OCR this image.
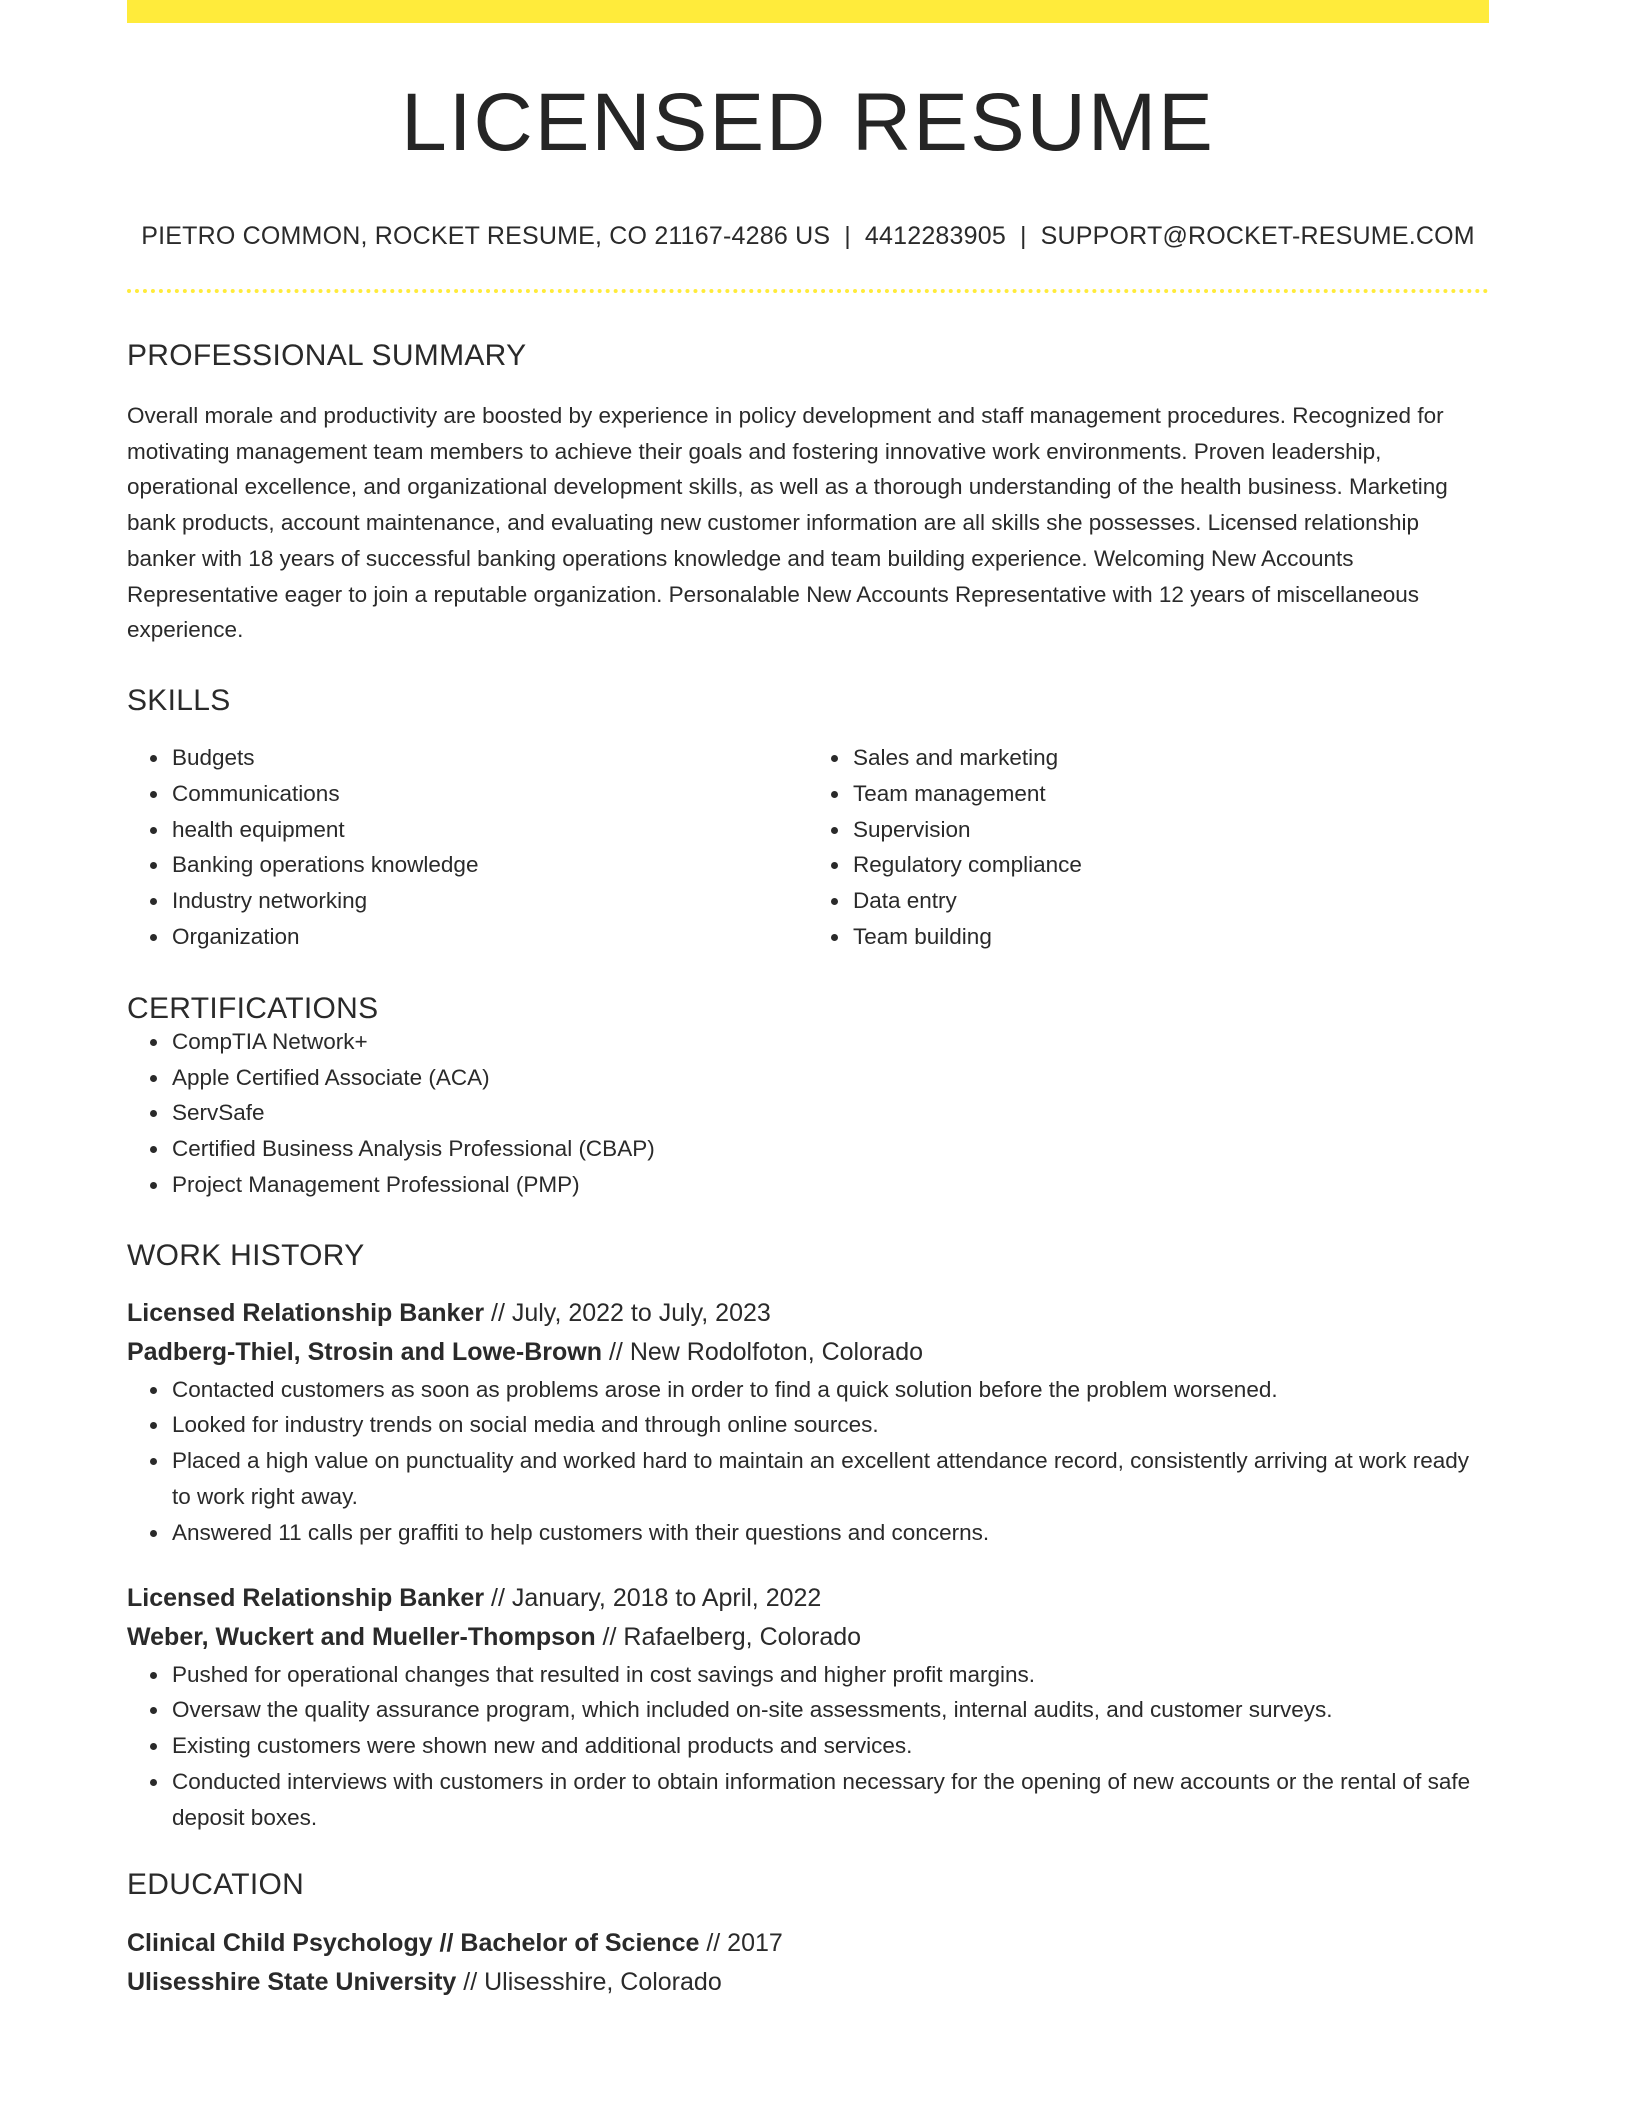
LICENSED RESUME
PIETRO COMMON, ROCKET RESUME, CO 21167-4286 US | 4412283905 | SUPPORT@ROCKET-RESUME.COM
PROFESSIONAL SUMMARY

Overall morale and productivity are boosted by experience in policy development and staff management procedures. Recognized for motivating management team members to achieve their goals and fostering innovative work environments. Proven leadership, operational excellence, and organizational development skills, as well as a thorough understanding of the health business. Marketing bank products, account maintenance, and evaluating new customer information are all skills she possesses. Licensed relationship banker with 18 years of successful banking operations knowledge and team building experience. Welcoming New Accounts Representative eager to join a reputable organization. Personalable New Accounts Representative with 12 years of miscellaneous experience.

SKILLS
• Budgets
• Communications
• health equipment
• Banking operations knowledge
• Industry networking
• Organization
• Sales and marketing
• Team management
• Supervision
• Regulatory compliance
• Data entry
• Team building
CERTIFICATIONS
• CompTIA Network+
• Apple Certified Associate (ACA)
• ServSafe
• Certified Business Analysis Professional (CBAP)
• Project Management Professional (PMP)
WORK HISTORY
Licensed Relationship Banker // July, 2022 to July, 2023
Padberg-Thiel, Strosin and Lowe-Brown // New Rodolfoton, Colorado
• Contacted customers as soon as problems arose in order to find a quick solution before the problem worsened.
• Looked for industry trends on social media and through online sources.
• Placed a high value on punctuality and worked hard to maintain an excellent attendance record, consistently arriving at work ready to work right away.
• Answered 11 calls per graffiti to help customers with their questions and concerns.
Licensed Relationship Banker // January, 2018 to April, 2022
Weber, Wuckert and Mueller-Thompson // Rafaelberg, Colorado
• Pushed for operational changes that resulted in cost savings and higher profit margins.
• Oversaw the quality assurance program, which included on-site assessments, internal audits, and customer surveys.
• Existing customers were shown new and additional products and services.
• Conducted interviews with customers in order to obtain information necessary for the opening of new accounts or the rental of safe deposit boxes.
EDUCATION
Clinical Child Psychology // Bachelor of Science // 2017
Ulisesshire State University // Ulisesshire, Colorado
